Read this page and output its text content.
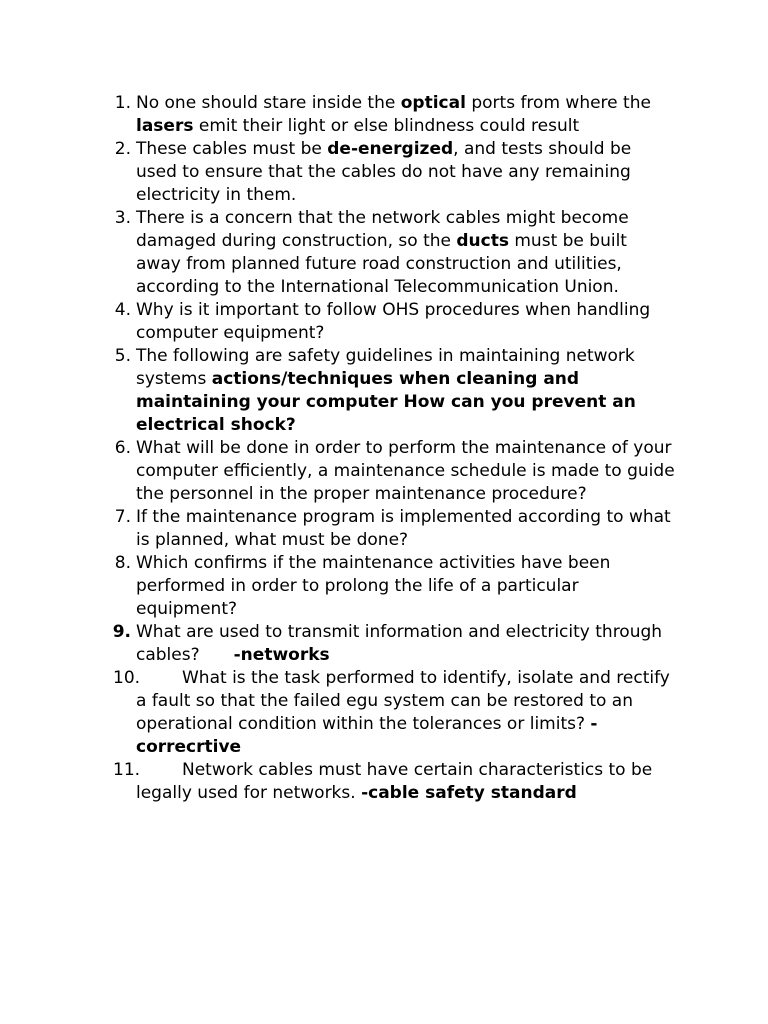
1. No one should stare inside the optical ports from where the lasers emit their light or else blindness could result
2. These cables must be de-energized, and tests should be used to ensure that the cables do not have any remaining electricity in them.
3. There is a concern that the network cables might become damaged during construction, so the ducts must be built away from planned future road construction and utilities, according to the International Telecommunication Union.
4. Why is it important to follow OHS procedures when handling computer equipment?
5. The following are safety guidelines in maintaining network systems actions/techniques when cleaning and maintaining your computer How can you prevent an electrical shock?
6. What will be done in order to perform the maintenance of your computer efficiently, a maintenance schedule is made to guide the personnel in the proper maintenance procedure?
7. If the maintenance program is implemented according to what is planned, what must be done?
8. Which confirms if the maintenance activities have been performed in order to prolong the life of a particular equipment?
9. What are used to transmit information and electricity through cables?  -networks
10. What is the task performed to identify, isolate and rectify a fault so that the failed egu system can be restored to an operational condition within the tolerances or limits? -correcrtive
11. Network cables must have certain characteristics to be legally used for networks. -cable safety standard
